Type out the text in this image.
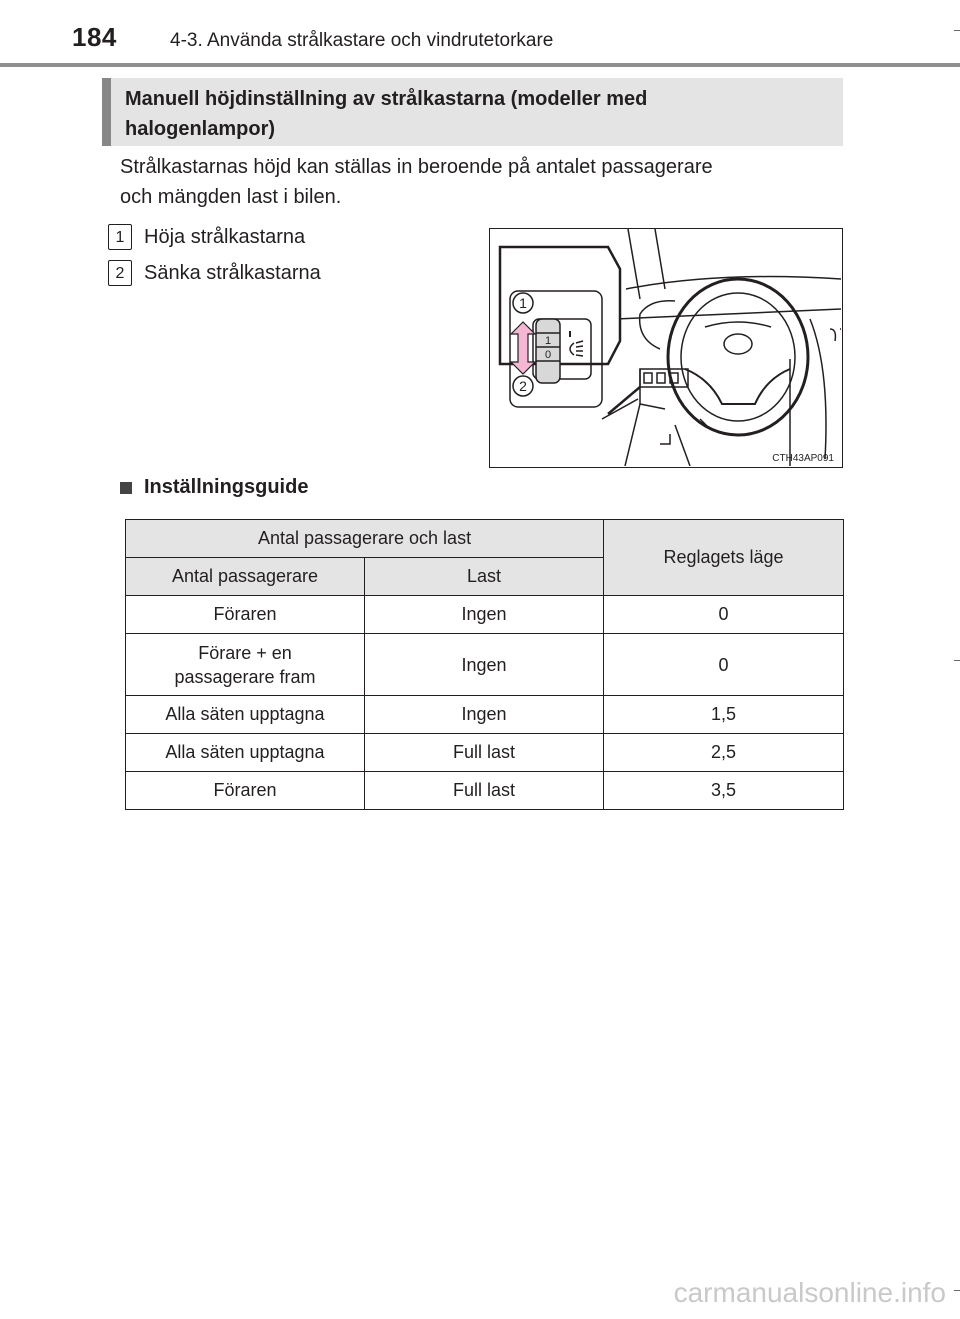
184	4-3. Använda strålkastare och vindrutetorkare
Manuell höjdinställning av strålkastarna (modeller med
halogenlampor)

Strålkastarnas höjd kan ställas in beroende på antalet passagerare
och mängden last i bilen.

1 Höja strålkastarna
2 Sänka strålkastarna
1
2
1
0
CTH43AP091
Inställningsguide
Antal passagerare och last		Reglagets läge
Antal passagerare	Last	
Föraren	Ingen	0
Förare + en
passagerare fram	Ingen	0
Alla säten upptagna	Ingen	1,5
Alla säten upptagna	Full last	2,5
Föraren	Full last	3,5
carmanualsonline.info
